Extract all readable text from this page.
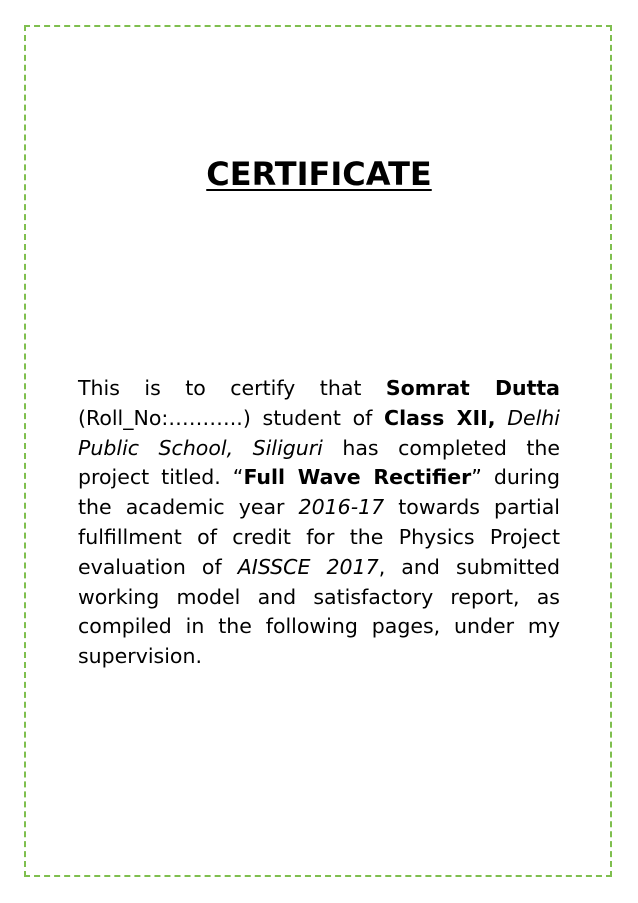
CERTIFICATE

This is to certify that Somrat Dutta (Roll_No:………..) student of Class XII, Delhi Public School, Siliguri has completed the project titled. “Full Wave Rectifier” during the academic year 2016-17 towards partial fulfillment of credit for the Physics Project evaluation of AISSCE 2017, and submitted working model and satisfactory report, as compiled in the following pages, under my supervision.
